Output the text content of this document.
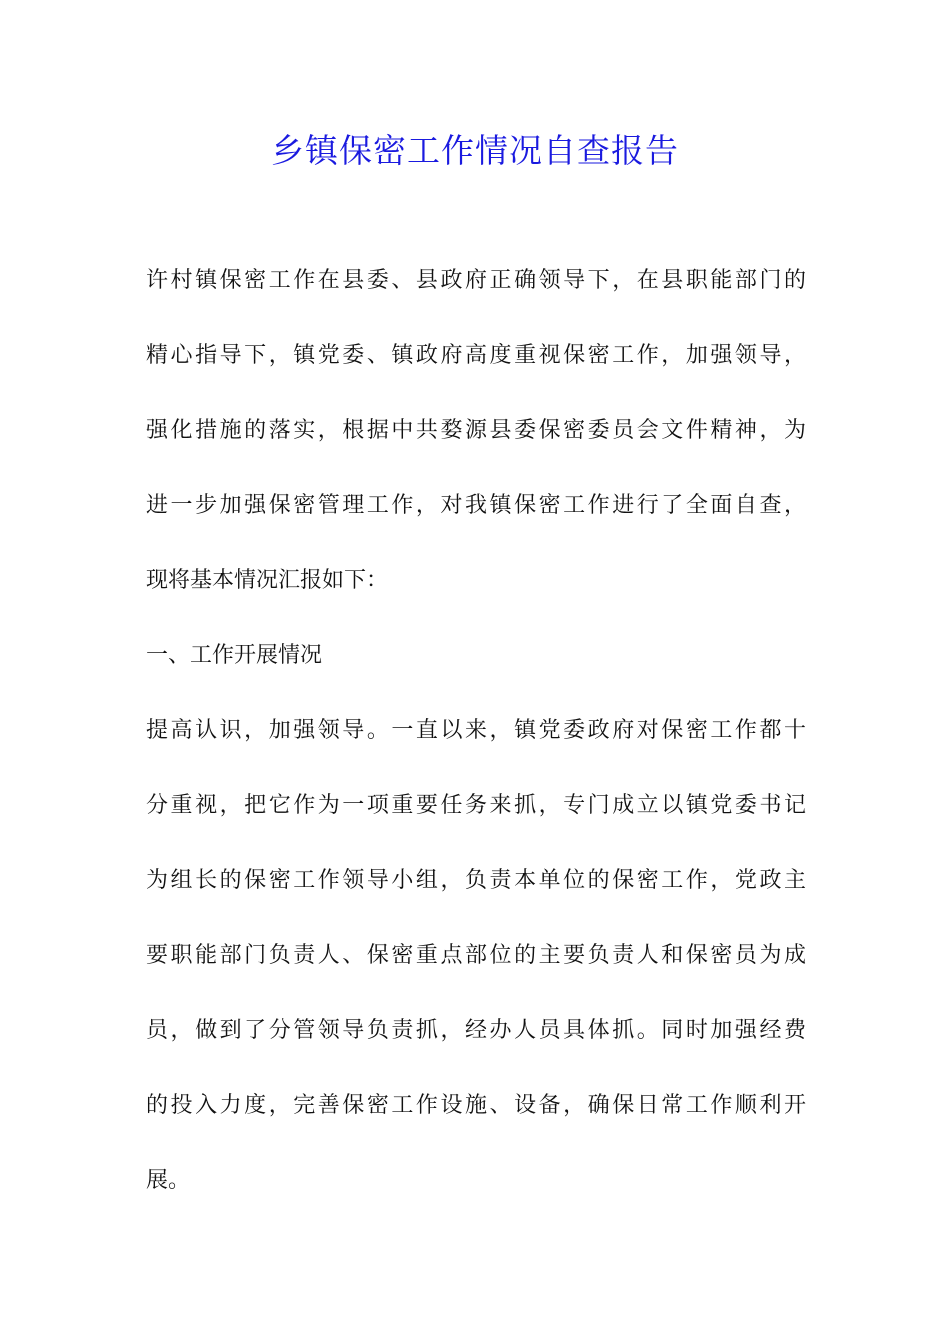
乡镇保密工作情况自查报告
许村镇保密工作在县委、县政府正确领导下，在县职能部门的
精心指导下，镇党委、镇政府高度重视保密工作，加强领导，
强化措施的落实，根据中共婺源县委保密委员会文件精神，为
进一步加强保密管理工作，对我镇保密工作进行了全面自查，
现将基本情况汇报如下：
一、工作开展情况
提高认识，加强领导。一直以来，镇党委政府对保密工作都十
分重视，把它作为一项重要任务来抓，专门成立以镇党委书记
为组长的保密工作领导小组，负责本单位的保密工作，党政主
要职能部门负责人、保密重点部位的主要负责人和保密员为成
员，做到了分管领导负责抓，经办人员具体抓。同时加强经费
的投入力度，完善保密工作设施、设备，确保日常工作顺利开
展。
